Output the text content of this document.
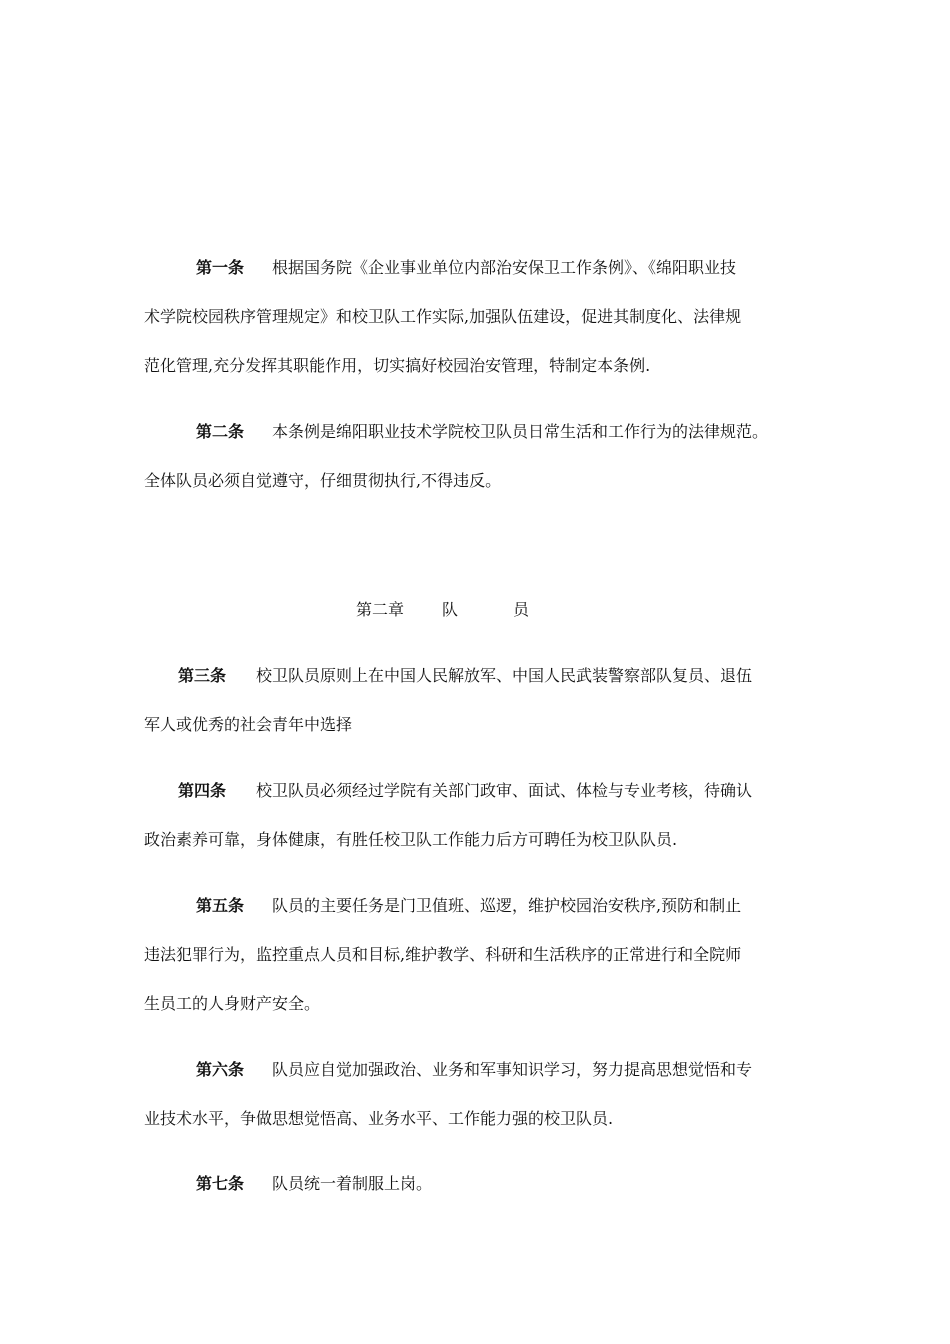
第一条 根据国务院《企业事业单位内部治安保卫工作条例》、《绵阳职业技
术学院校园秩序管理规定》和校卫队工作实际,加强队伍建设，促进其制度化、法律规
范化管理,充分发挥其职能作用，切实搞好校园治安管理，特制定本条例.
第二条 本条例是绵阳职业技术学院校卫队员日常生活和工作行为的法律规范。
全体队员必须自觉遵守，仔细贯彻执行,不得违反。
第二章 队	员
第三条 校卫队员原则上在中国人民解放军、中国人民武装警察部队复员、退伍
军人或优秀的社会青年中选择
第四条 校卫队员必须经过学院有关部门政审、面试、体检与专业考核，待确认
政治素养可靠，身体健康，有胜任校卫队工作能力后方可聘任为校卫队队员.
第五条 队员的主要任务是门卫值班、巡逻，维护校园治安秩序,预防和制止
违法犯罪行为，监控重点人员和目标,维护教学、科研和生活秩序的正常进行和全院师
生员工的人身财产安全。
第六条 队员应自觉加强政治、业务和军事知识学习，努力提高思想觉悟和专
业技术水平，争做思想觉悟高、业务水平、工作能力强的校卫队员.
第七条 队员统一着制服上岗。
